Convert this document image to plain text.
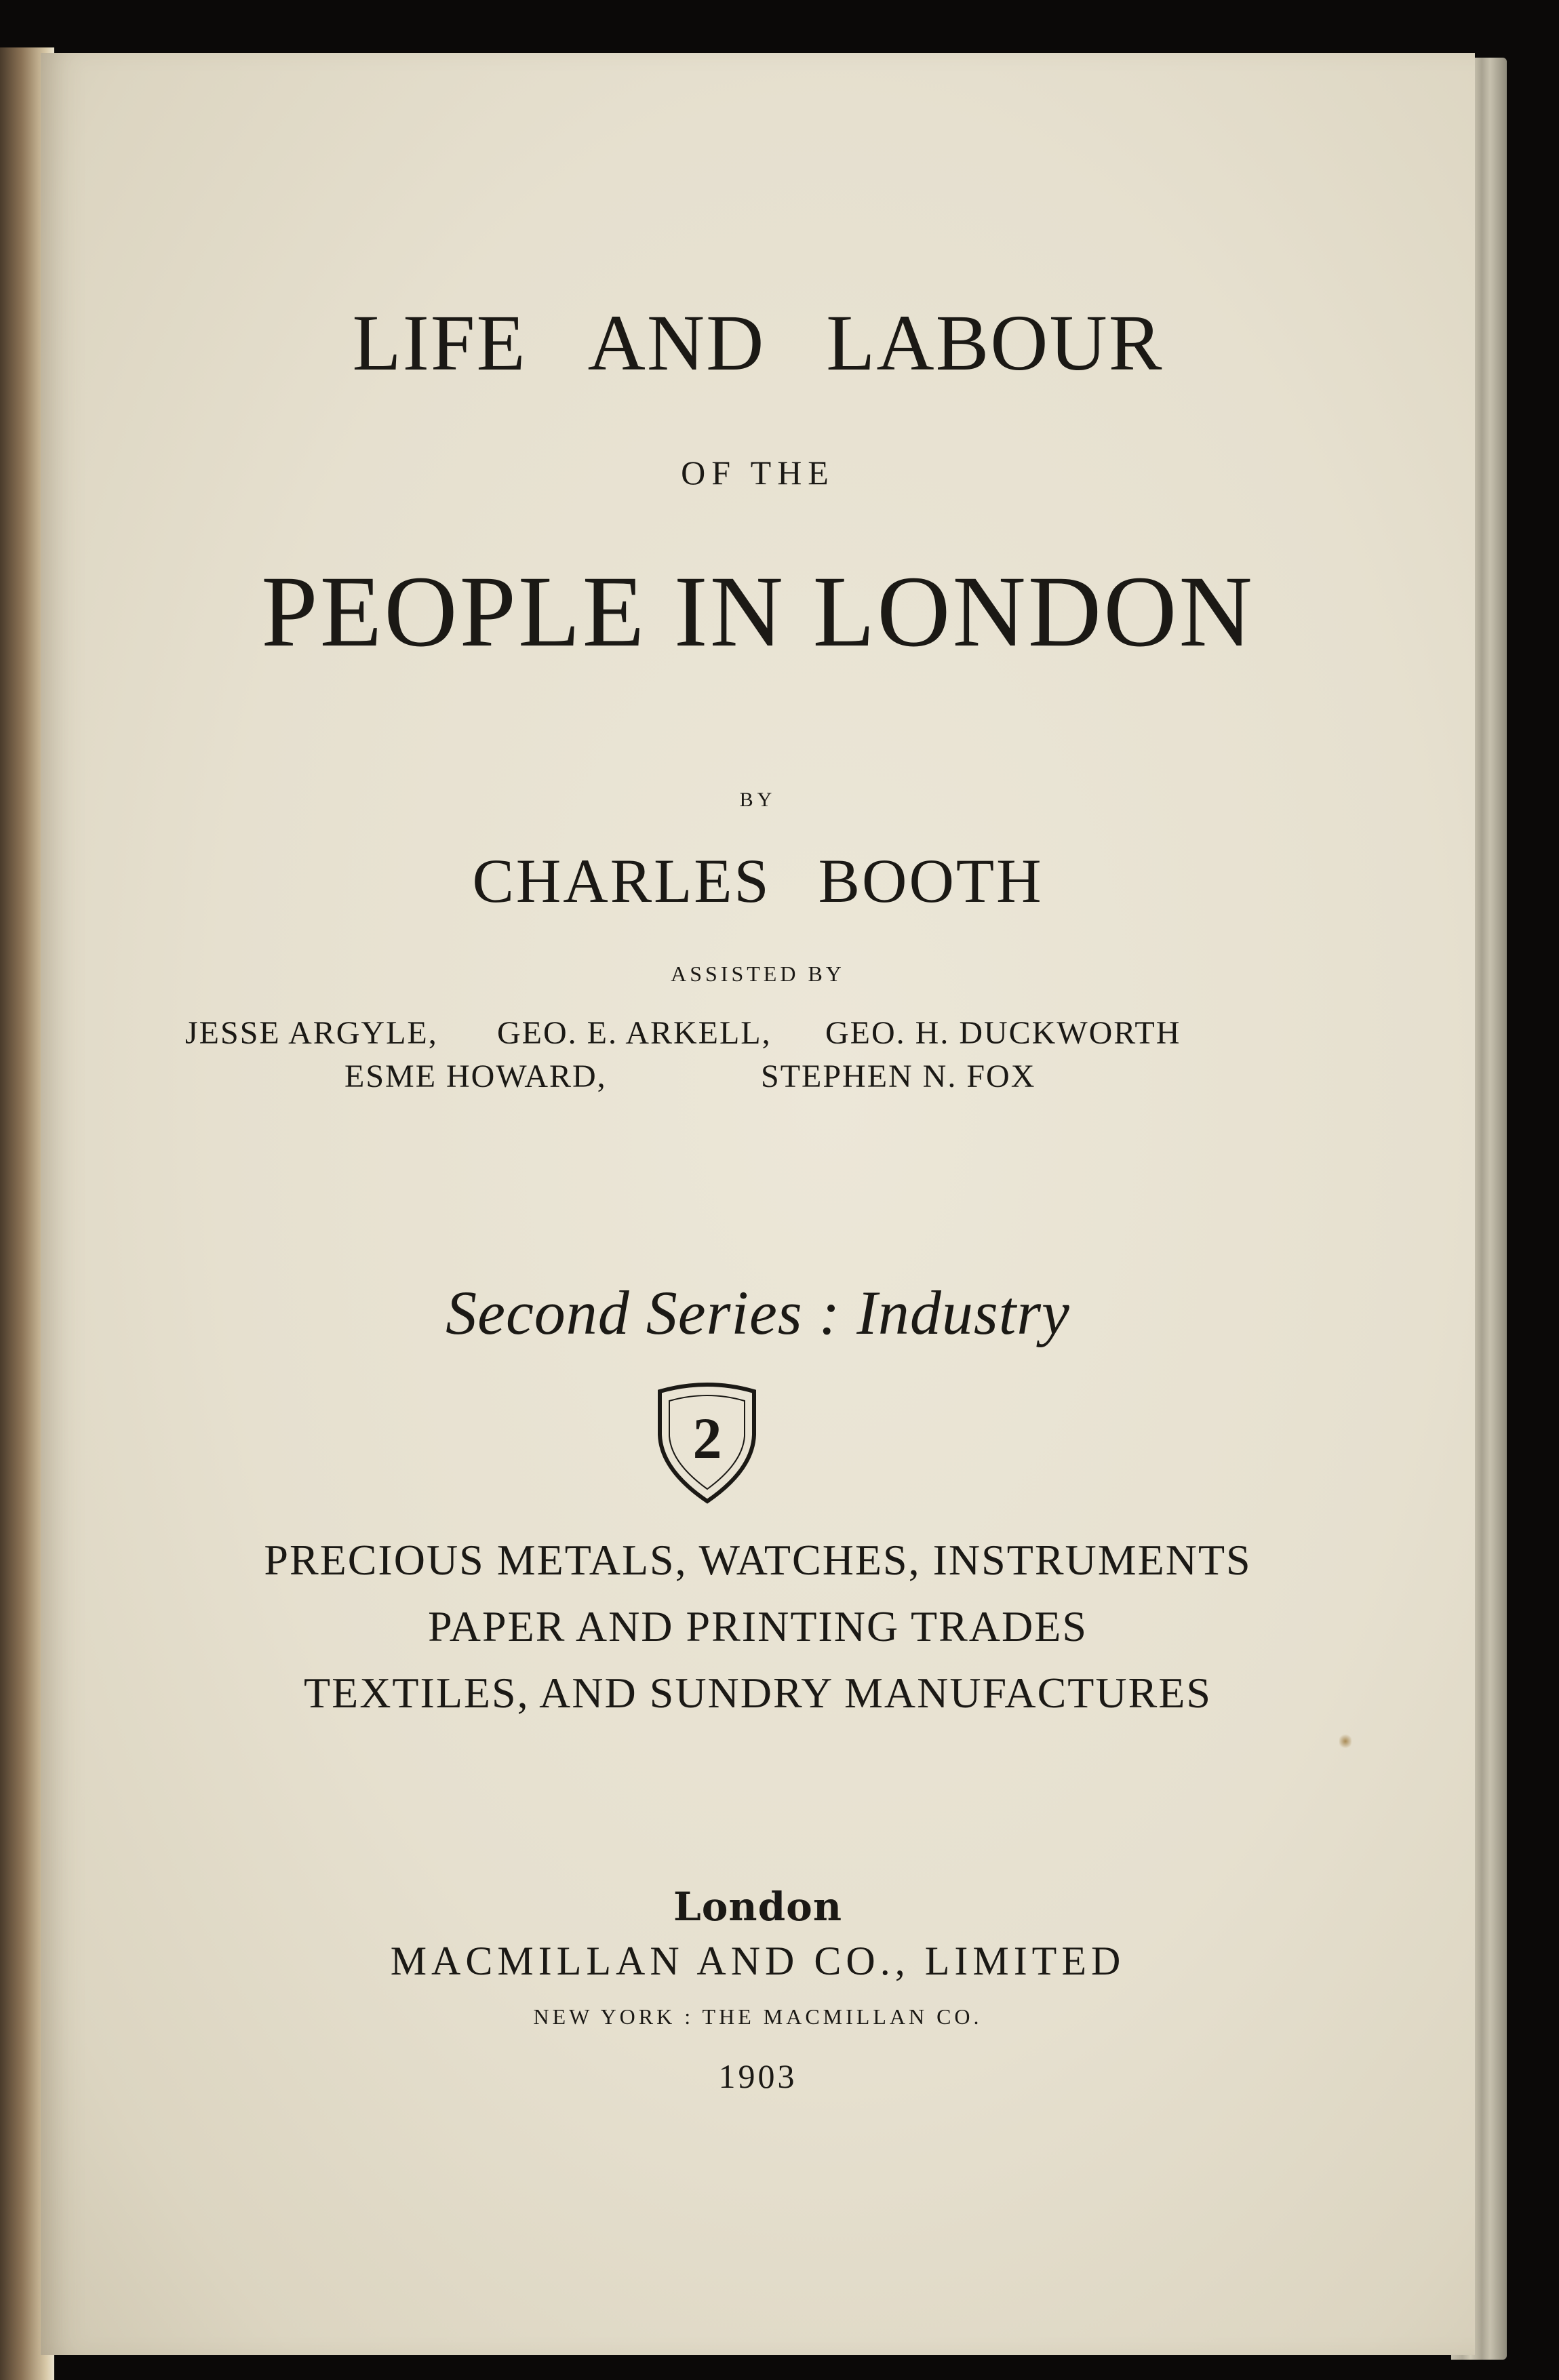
LIFE AND LABOUR
OF THE
PEOPLE IN LONDON
BY
CHARLES BOOTH
ASSISTED BY
JESSE ARGYLE, GEO. E. ARKELL, GEO. H. DUCKWORTH
ESME HOWARD,	STEPHEN N. FOX
Second Series : Industry
2
PRECIOUS METALS, WATCHES, INSTRUMENTS
PAPER AND PRINTING TRADES
TEXTILES, AND SUNDRY MANUFACTURES
London
MACMILLAN AND CO., LIMITED
NEW YORK : THE MACMILLAN CO.
1903
